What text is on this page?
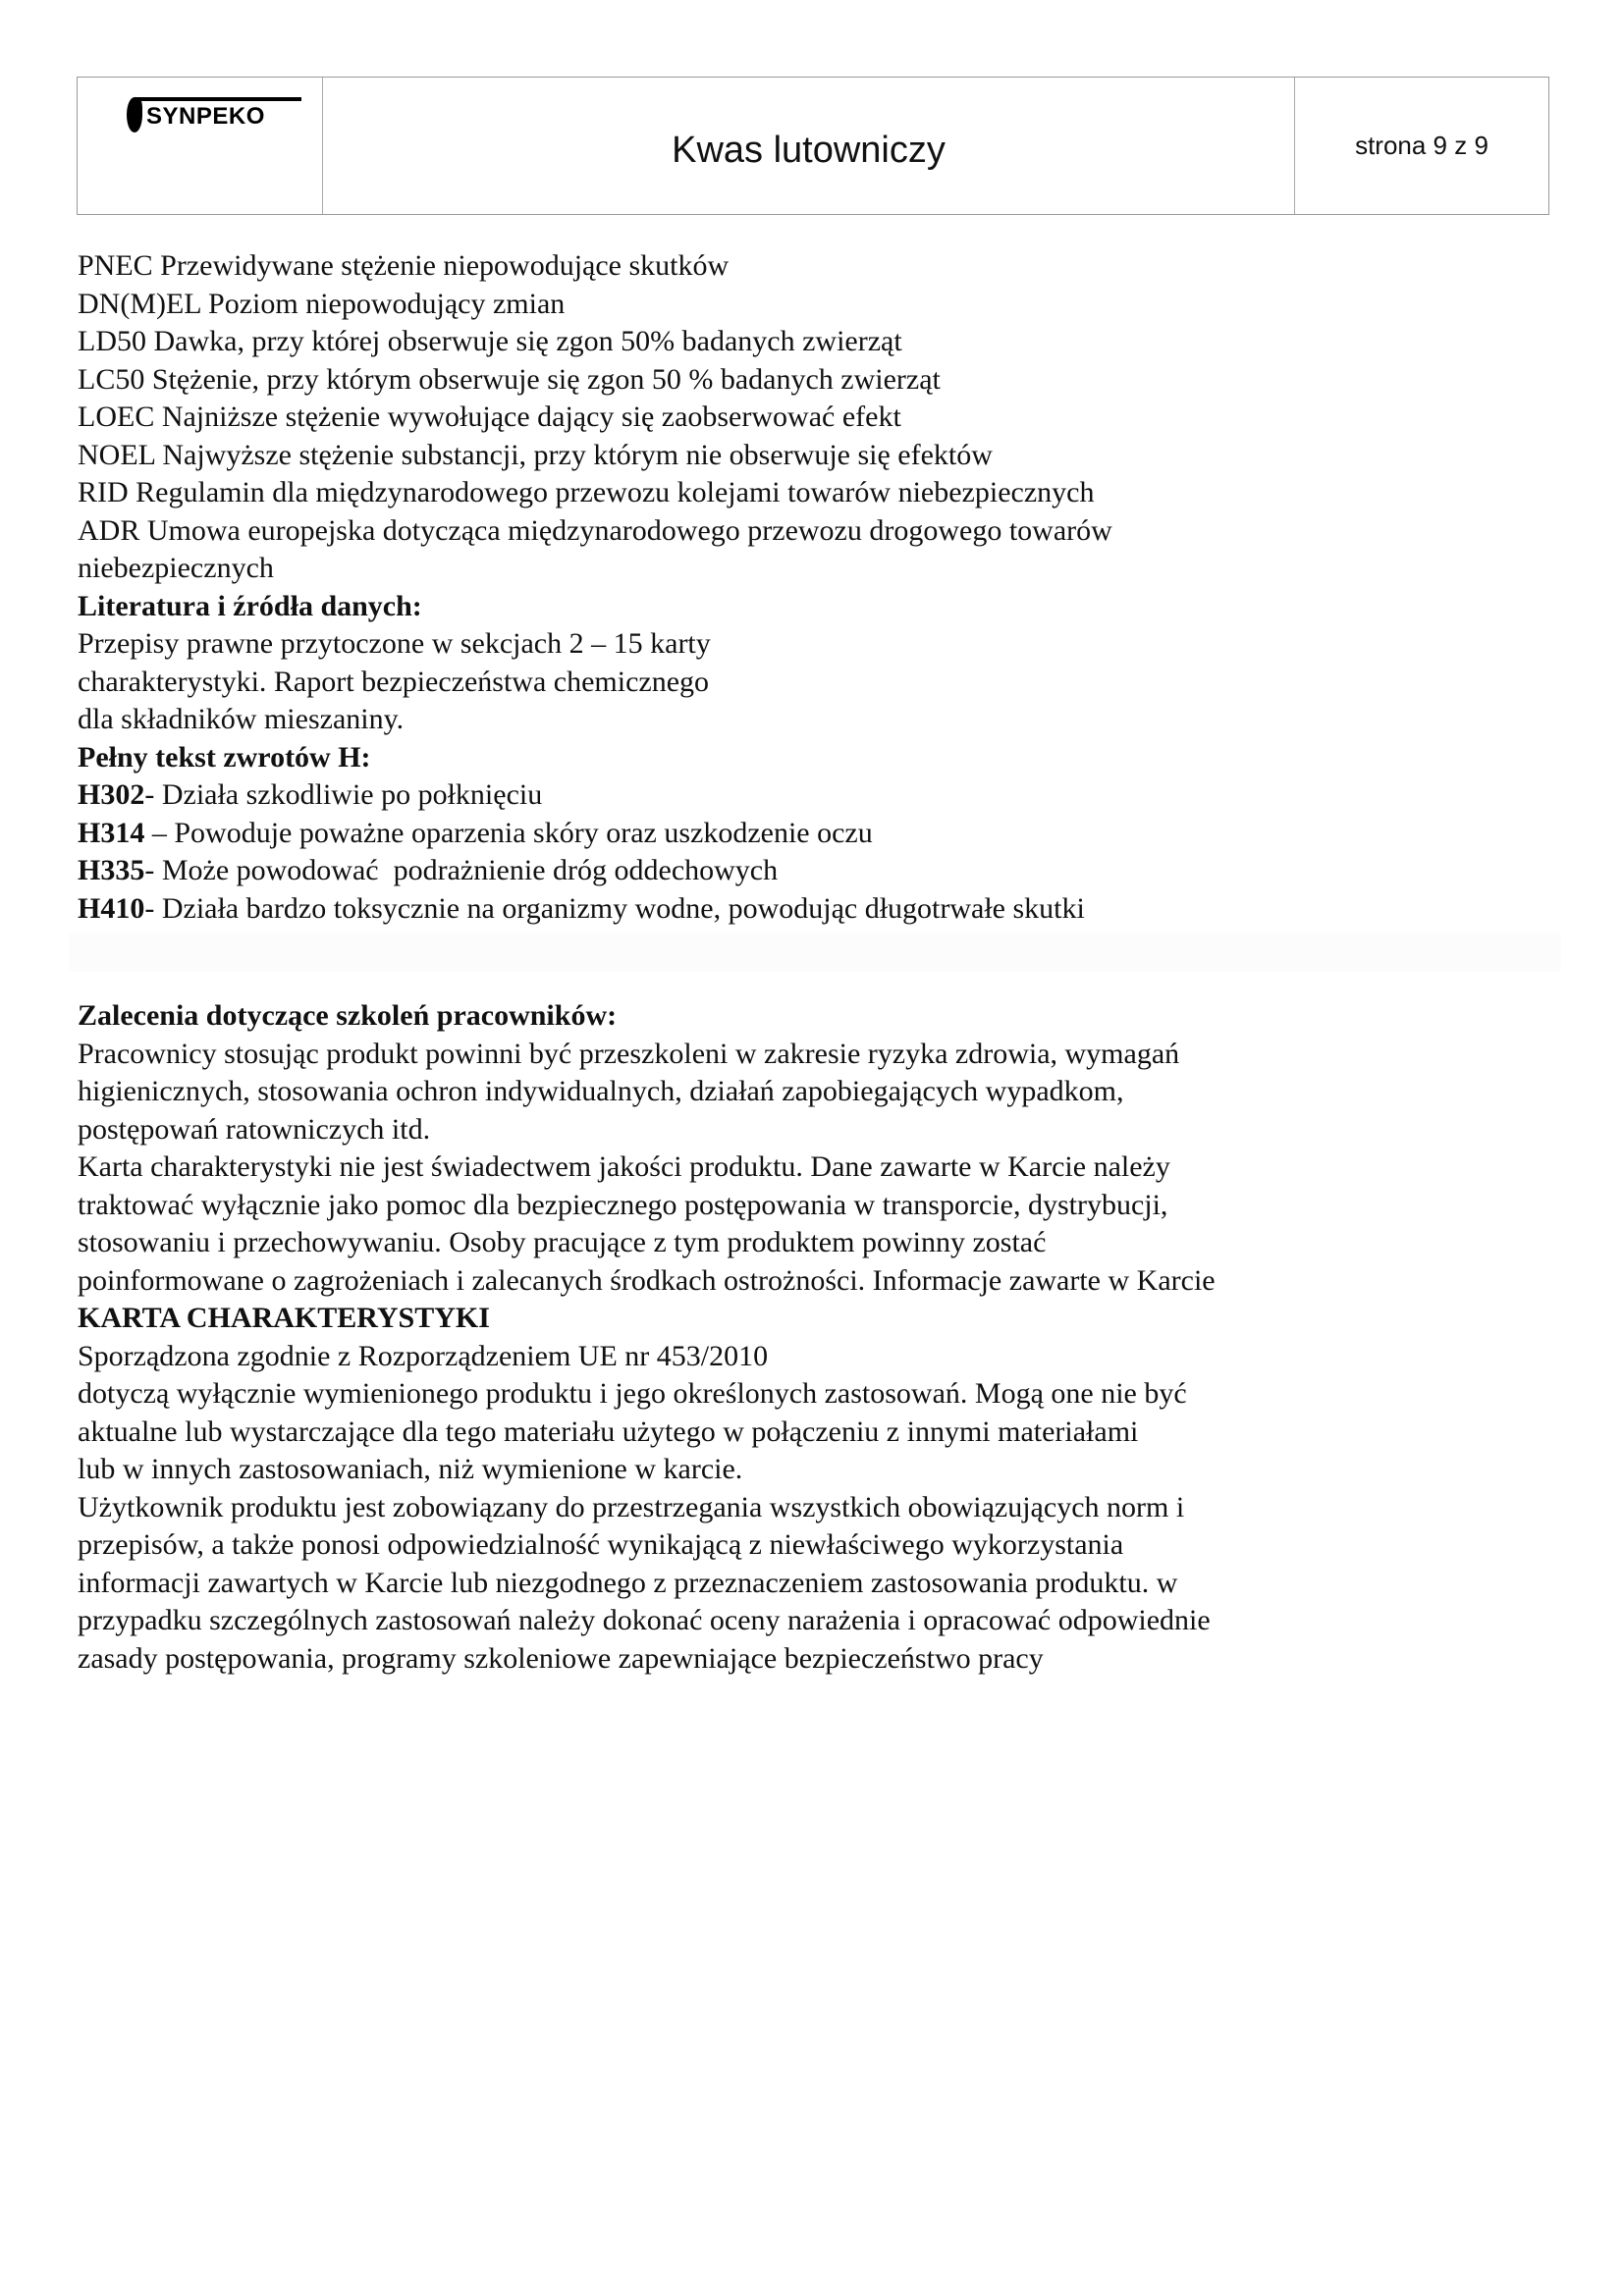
SYNPEKO
Kwas lutowniczy	strona 9 z 9
PNEC Przewidywane stężenie niepowodujące skutków
DN(M)EL Poziom niepowodujący zmian
LD50 Dawka, przy której obserwuje się zgon 50% badanych zwierząt
LC50 Stężenie, przy którym obserwuje się zgon 50 % badanych zwierząt
LOEC Najniższe stężenie wywołujące dający się zaobserwować efekt
NOEL Najwyższe stężenie substancji, przy którym nie obserwuje się efektów
RID Regulamin dla międzynarodowego przewozu kolejami towarów niebezpiecznych
ADR Umowa europejska dotycząca międzynarodowego przewozu drogowego towarów
niebezpiecznych
Literatura i źródła danych:
Przepisy prawne przytoczone w sekcjach 2 – 15 karty
charakterystyki. Raport bezpieczeństwa chemicznego
dla składników mieszaniny.
Pełny tekst zwrotów H:
H302- Działa szkodliwie po połknięciu
H314 – Powoduje poważne oparzenia skóry oraz uszkodzenie oczu
H335- Może powodować  podrażnienie dróg oddechowych
H410- Działa bardzo toksycznie na organizmy wodne, powodując długotrwałe skutki
Zalecenia dotyczące szkoleń pracowników:
Pracownicy stosując produkt powinni być przeszkoleni w zakresie ryzyka zdrowia, wymagań
higienicznych, stosowania ochron indywidualnych, działań zapobiegających wypadkom,
postępowań ratowniczych itd.
Karta charakterystyki nie jest świadectwem jakości produktu. Dane zawarte w Karcie należy
traktować wyłącznie jako pomoc dla bezpiecznego postępowania w transporcie, dystrybucji,
stosowaniu i przechowywaniu. Osoby pracujące z tym produktem powinny zostać
poinformowane o zagrożeniach i zalecanych środkach ostrożności. Informacje zawarte w Karcie
KARTA CHARAKTERYSTYKI
Sporządzona zgodnie z Rozporządzeniem UE nr 453/2010
dotyczą wyłącznie wymienionego produktu i jego określonych zastosowań. Mogą one nie być
aktualne lub wystarczające dla tego materiału użytego w połączeniu z innymi materiałami
lub w innych zastosowaniach, niż wymienione w karcie.
Użytkownik produktu jest zobowiązany do przestrzegania wszystkich obowiązujących norm i
przepisów, a także ponosi odpowiedzialność wynikającą z niewłaściwego wykorzystania
informacji zawartych w Karcie lub niezgodnego z przeznaczeniem zastosowania produktu. w
przypadku szczególnych zastosowań należy dokonać oceny narażenia i opracować odpowiednie
zasady postępowania, programy szkoleniowe zapewniające bezpieczeństwo pracy
